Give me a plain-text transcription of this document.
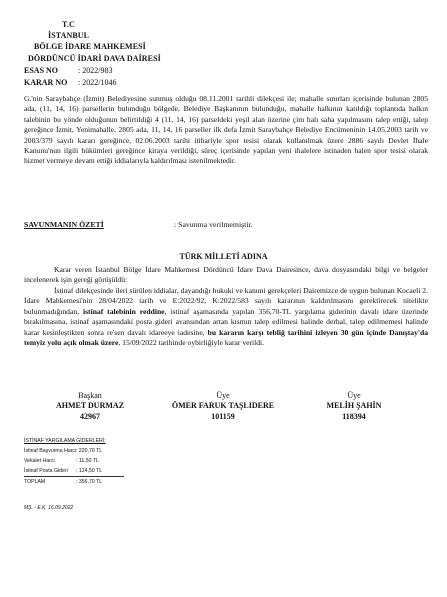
T.C
İSTANBUL
BÖLGE İDARE MAHKEMESİ
DÖRDÜNCÜ İDARİ DAVA DAİRESİ
ESAS NO : 2022/983
KARAR NO : 2022/1046

G.'nin Saraybahçe (İzmit) Belediyesine sunmuş olduğu 08.11.2001 tarihli dilekçesi ile; mahalle sınırları içerisinde bulunan 2805 ada, (11, 14, 16) parsellerin bulunduğu bölgede, Belediye Başkanının bulunduğu, mahalle halkının katıldığı toplantıda halkın talebinin bu yönde olduğunun belirtildiği 4 (11, 14, 16) parseldeki yeşil alan üzerine çim halı saha yapılmasını talep ettiği, talep gereğince İzmit, Yenimahalle, 2805 ada, 11, 14, 16 parseller ilk defa İzmit Saraybahçe Belediye Encümeninin 14.05.2003 tarih ve 2003/379 sayılı kararı gereğince, 02.06.2003 tarihi itibariyle spor tesisi olarak kullanılmak üzere 2886 sayılı Devlet İhale Kanunu'nun ilgili hükümleri gereğince kiraya verildiği, süreç içerisinde yapılan yeni ihalelere istinaden halen spor tesisi olarak hizmet vermeye devam ettiği iddialarıyla kaldırılması istenilmektedir.

SAVUNMANIN ÖZETİ	: Savunma verilmemiştir.
TÜRK MİLLETİ ADINA

Karar veren İstanbul Bölge İdare Mahkemesi Dördüncü İdare Dava Dairesince, dava dosyasındaki bilgi ve belgeler incelenerek işin gereği görüşüldü:

İstinaf dilekçesinde ileri sürülen iddialar, dayandığı hukuki ve kanuni gerekçeleri Dairemizce de uygun bulunan Kocaeli 2. İdare Mahkemesi'nin 28/04/2022 tarih ve E:2022/92, K:2022/583 sayılı kararının kaldırılmasını gerektirecek nitelikte bulunmadığından, istinaf talebinin reddine, istinaf aşamasında yapılan 356,70-TL yargılama giderinin davalı idare üzerinde bırakılmasına, istinaf aşamasındaki posta gideri avansından artan kısmın talep edilmesi halinde derhal, talep edilmemesi halinde karar kesinleştikten sonra re'sen davalı idareeye iadesine, bu kararın karşı tebliğ tarihini izleyen 30 gün içinde Danıştay'da temyiz yolu açık olmak üzere, 15/09/2022 tarihinde oybirliğiyle karar verildi.

Başkan
AHMET DURMAZ
42967
Üye
ÖMER FARUK TAŞLIDERE
101159
Üye
MELİH ŞAHİN
118394
İSTİNAF YARGILAMA GİDERLERİ:
İstinaf Başvurma Harcı: 220,70 TL
Vekalet Harcı	: 11,50 TL
İstinaf Posta Gideri : 124,50 TL
TOPLAM	: 356,70 TL
MŞ. - E.K. 16.09.2022
